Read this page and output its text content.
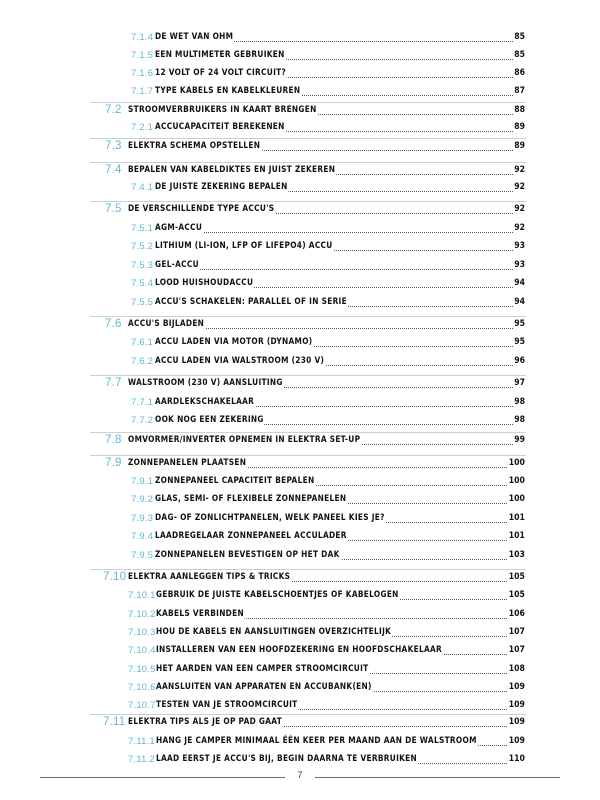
7.1.4 DE WET VAN OHM	85
7.1.5 EEN MULTIMETER GEBRUIKEN	85
7.1.6 12 VOLT OF 24 VOLT CIRCUIT?	86
7.1.7 TYPE KABELS EN KABELKLEUREN	87
7.2 STROOMVERBRUIKERS IN KAART BRENGEN	88
7.2.1 ACCUCAPACITEIT BEREKENEN	89
7.3 ELEKTRA SCHEMA OPSTELLEN	89
7.4 BEPALEN VAN KABELDIKTES EN JUIST ZEKEREN	92
7.4.1 DE JUISTE ZEKERING BEPALEN	92
7.5 DE VERSCHILLENDE TYPE ACCU'S	92
7.5.1 AGM-ACCU	92
7.5.2 LITHIUM (LI-ION, LFP OF LIFEPO4) ACCU	93
7.5.3 GEL-ACCU	93
7.5.4 LOOD HUISHOUDACCU	94
7.5.5 ACCU'S SCHAKELEN: PARALLEL OF IN SERIE	94
7.6 ACCU'S BIJLADEN	95
7.6.1 ACCU LADEN VIA MOTOR (DYNAMO)	95
7.6.2 ACCU LADEN VIA WALSTROOM (230 V)	96
7.7 WALSTROOM (230 V) AANSLUITING	97
7.7.1 AARDLEKSCHAKELAAR	98
7.7.2 OOK NOG EEN ZEKERING	98
7.8 OMVORMER/INVERTER OPNEMEN IN ELEKTRA SET-UP	99
7.9 ZONNEPANELEN PLAATSEN	100
7.9.1 ZONNEPANEEL CAPACITEIT BEPALEN	100
7.9.2 GLAS, SEMI- OF FLEXIBELE ZONNEPANELEN	100
7.9.3 DAG- OF ZONLICHTPANELEN, WELK PANEEL KIES JE?	101
7.9.4 LAADREGELAAR ZONNEPANEEL ACCULADER	101
7.9.5 ZONNEPANELEN BEVESTIGEN OP HET DAK	103
7.10 ELEKTRA AANLEGGEN TIPS & TRICKS	105
7.10.1 GEBRUIK DE JUISTE KABELSCHOENTJES OF KABELOGEN	105
7.10.2 KABELS VERBINDEN	106
7.10.3 HOU DE KABELS EN AANSLUITINGEN OVERZICHTELIJK	107
7.10.4 INSTALLEREN VAN EEN HOOFDZEKERING EN HOOFDSCHAKELAAR	107
7.10.5 HET AARDEN VAN EEN CAMPER STROOMCIRCUIT	108
7.10.6 AANSLUITEN VAN APPARATEN EN ACCUBANK(EN)	109
7.10.7 TESTEN VAN JE STROOMCIRCUIT	109
7.11 ELEKTRA TIPS ALS JE OP PAD GAAT	109
7.11.1 HANG JE CAMPER MINIMAAL ÉÉN KEER PER MAAND AAN DE WALSTROOM	109
7.11.2 LAAD EERST JE ACCU'S BIJ, BEGIN DAARNA TE VERBRUIKEN	110
7
